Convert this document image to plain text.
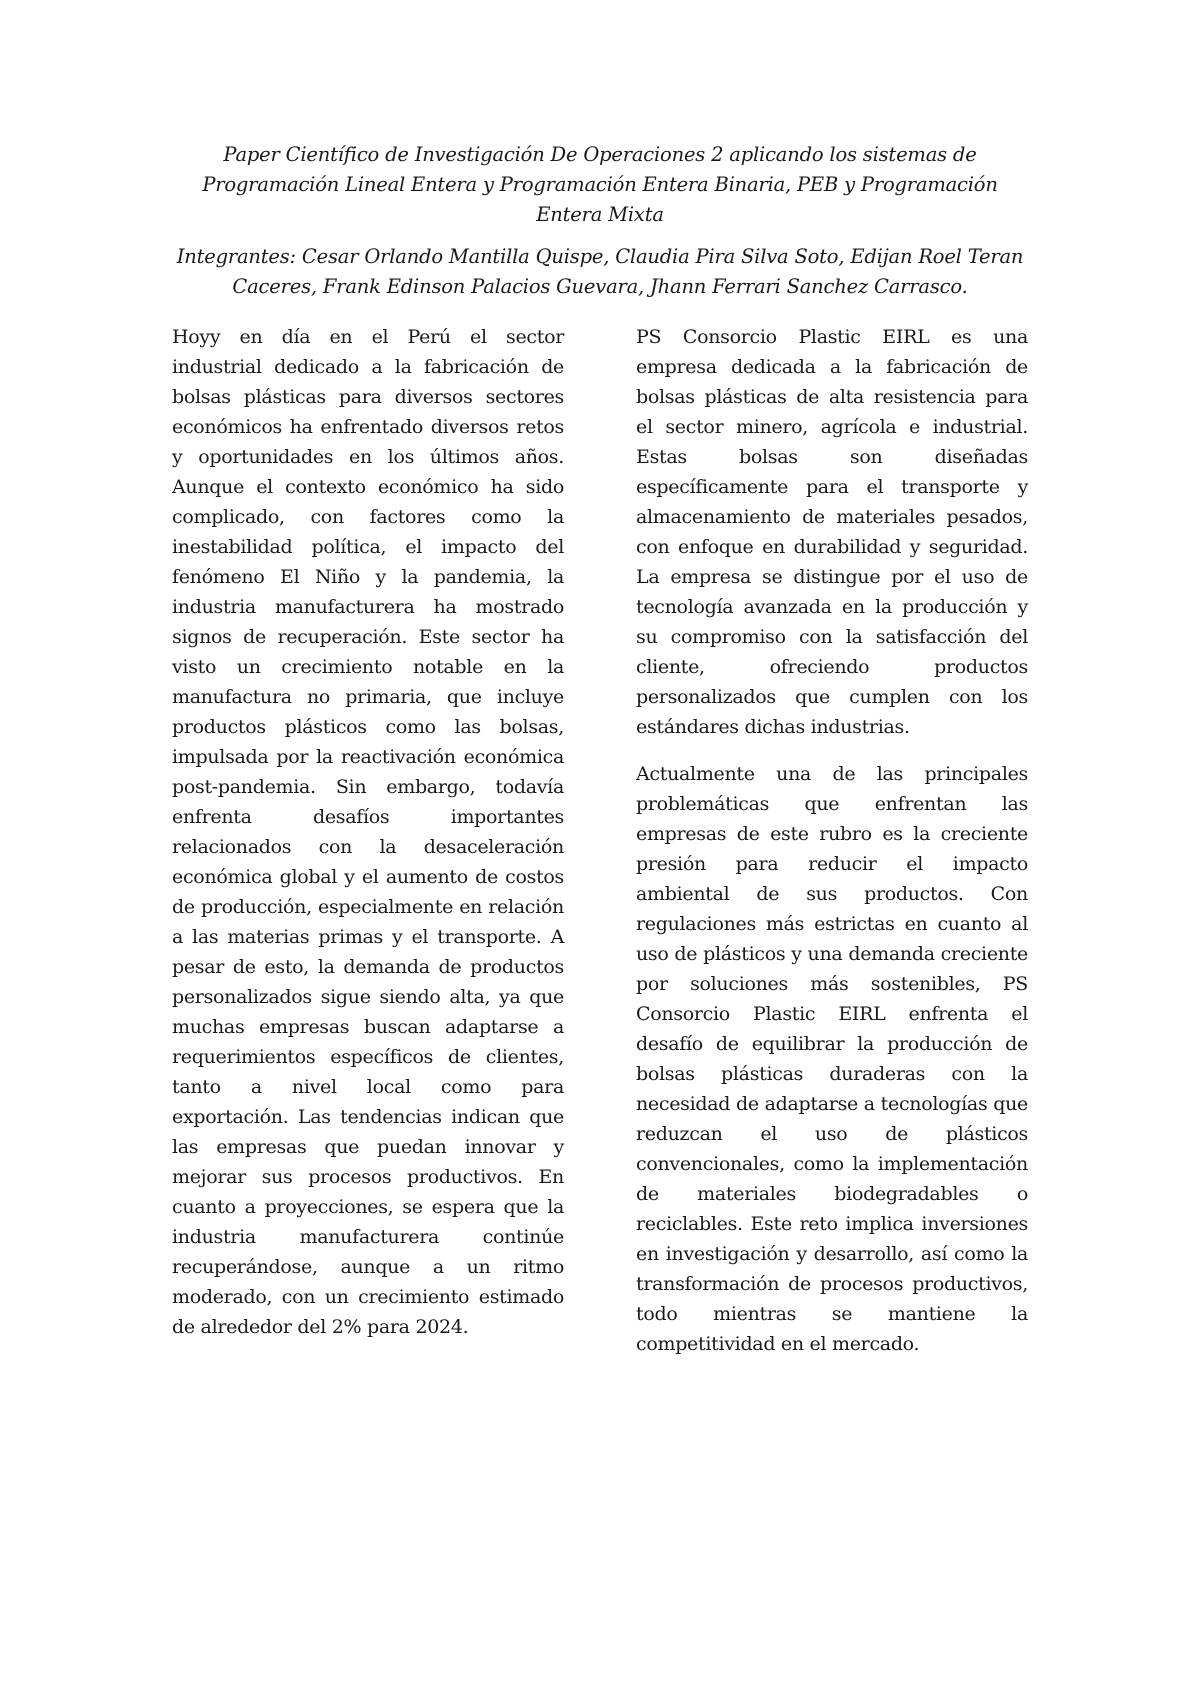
Paper Científico de Investigación De Operaciones 2 aplicando los sistemas de Programación Lineal Entera y Programación Entera Binaria, PEB y Programación Entera Mixta

Integrantes: Cesar Orlando Mantilla Quispe, Claudia Pira Silva Soto, Edijan Roel Teran Caceres, Frank Edinson Palacios Guevara, Jhann Ferrari Sanchez Carrasco.

Hoyy en día en el Perú el sector industrial dedicado a la fabricación de bolsas plásticas para diversos sectores económicos ha enfrentado diversos retos y oportunidades en los últimos años. Aunque el contexto económico ha sido complicado, con factores como la inestabilidad política, el impacto del fenómeno El Niño y la pandemia, la industria manufacturera ha mostrado signos de recuperación. Este sector ha visto un crecimiento notable en la manufactura no primaria, que incluye productos plásticos como las bolsas, impulsada por la reactivación económica post-pandemia. Sin embargo, todavía enfrenta desafíos importantes relacionados con la desaceleración económica global y el aumento de costos de producción, especialmente en relación a las materias primas y el transporte. A pesar de esto, la demanda de productos personalizados sigue siendo alta, ya que muchas empresas buscan adaptarse a requerimientos específicos de clientes, tanto a nivel local como para exportación. Las tendencias indican que las empresas que puedan innovar y mejorar sus procesos productivos. En cuanto a proyecciones, se espera que la industria manufacturera continúe recuperándose, aunque a un ritmo moderado, con un crecimiento estimado de alrededor del 2% para 2024.

PS Consorcio Plastic EIRL es una empresa dedicada a la fabricación de bolsas plásticas de alta resistencia para el sector minero, agrícola e industrial. Estas bolsas son diseñadas específicamente para el transporte y almacenamiento de materiales pesados, con enfoque en durabilidad y seguridad. La empresa se distingue por el uso de tecnología avanzada en la producción y su compromiso con la satisfacción del cliente, ofreciendo productos personalizados que cumplen con los estándares dichas industrias.

Actualmente una de las principales problemáticas que enfrentan las empresas de este rubro es la creciente presión para reducir el impacto ambiental de sus productos. Con regulaciones más estrictas en cuanto al uso de plásticos y una demanda creciente por soluciones más sostenibles, PS Consorcio Plastic EIRL enfrenta el desafío de equilibrar la producción de bolsas plásticas duraderas con la necesidad de adaptarse a tecnologías que reduzcan el uso de plásticos convencionales, como la implementación de materiales biodegradables o reciclables. Este reto implica inversiones en investigación y desarrollo, así como la transformación de procesos productivos, todo mientras se mantiene la competitividad en el mercado.
